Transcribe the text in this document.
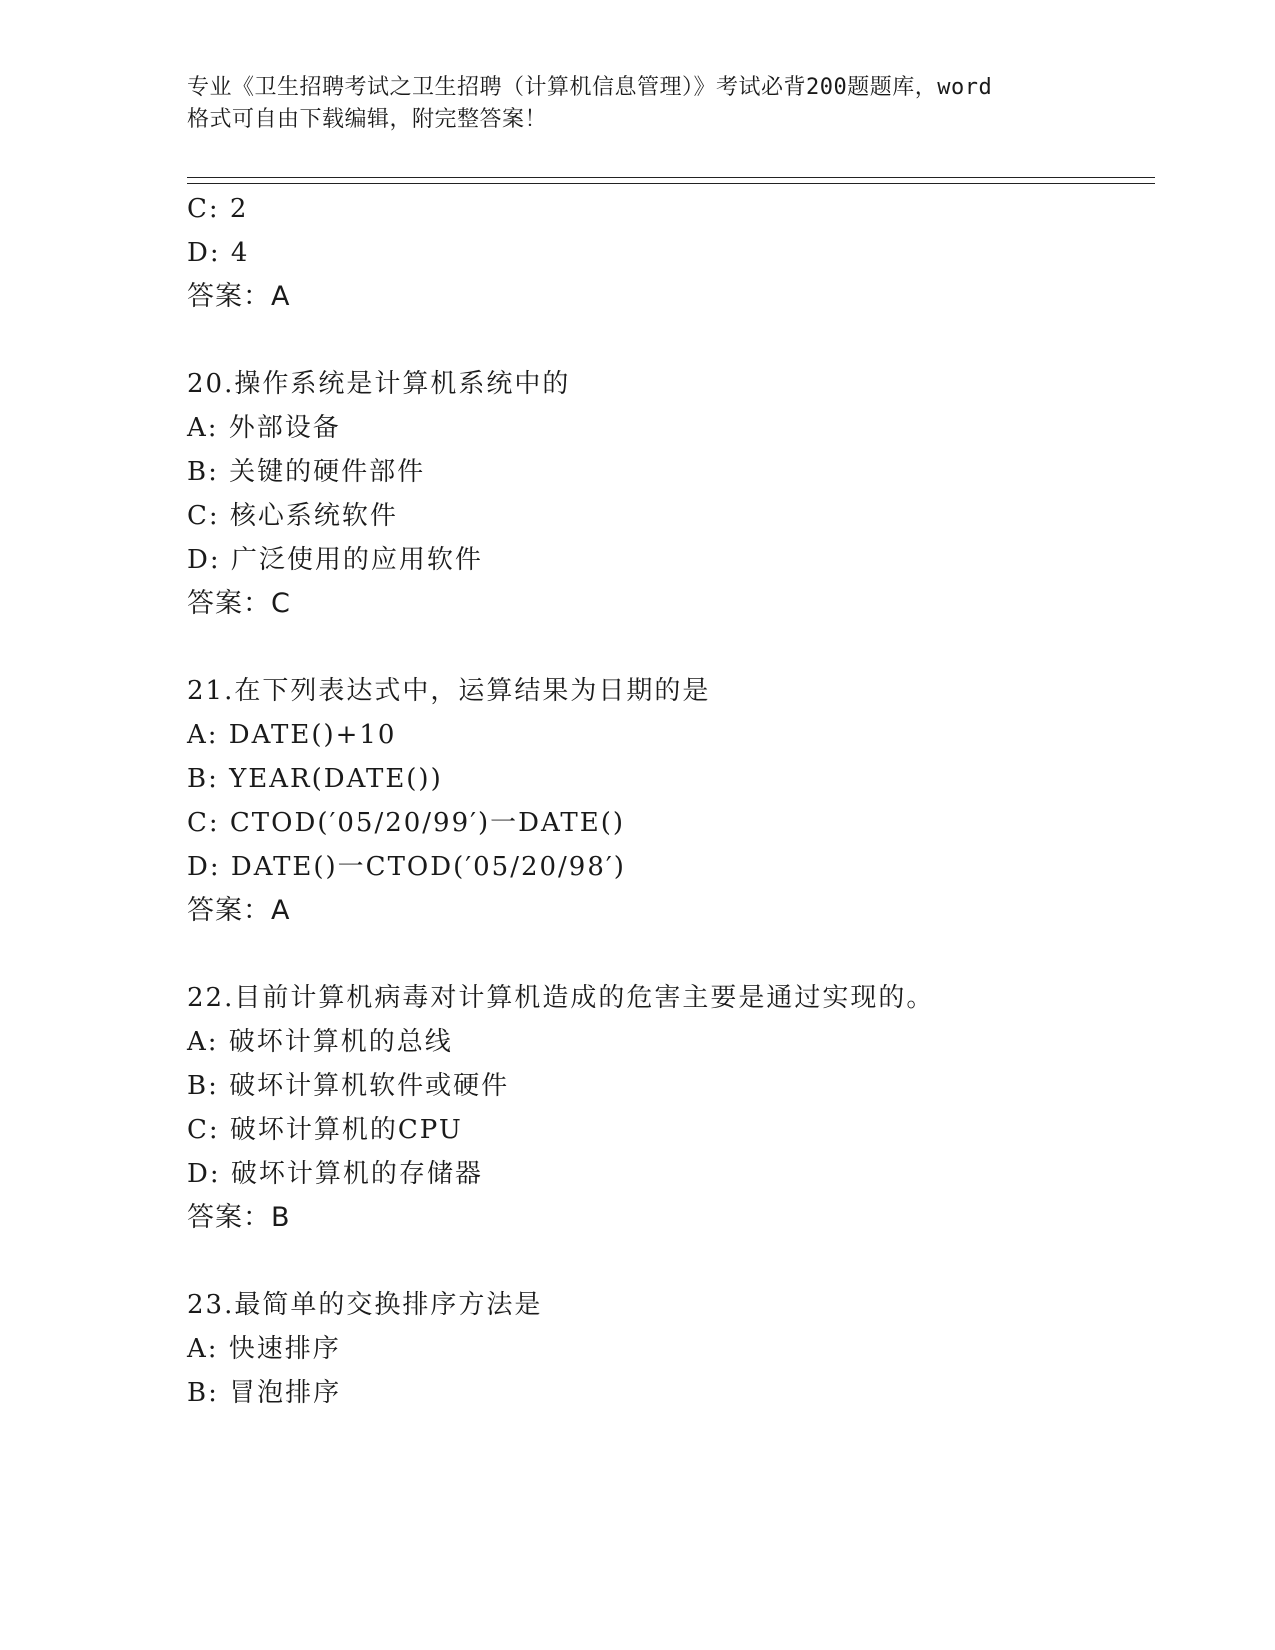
专业《卫生招聘考试之卫生招聘（计算机信息管理）》考试必背200题题库，word
格式可自由下载编辑，附完整答案！
C: 2
D: 4
答案：A
20.操作系统是计算机系统中的
A: 外部设备
B: 关键的硬件部件
C: 核心系统软件
D: 广泛使用的应用软件
答案：C
21.在下列表达式中，运算结果为日期的是
A: DATE()+10
B: YEAR(DATE())
C: CTOD(′05/20/99′)一DATE()
D: DATE()一CTOD(′05/20/98′)
答案：A
22.目前计算机病毒对计算机造成的危害主要是通过实现的。
A: 破坏计算机的总线
B: 破坏计算机软件或硬件
C: 破坏计算机的CPU
D: 破坏计算机的存储器
答案：B
23.最简单的交换排序方法是
A: 快速排序
B: 冒泡排序
